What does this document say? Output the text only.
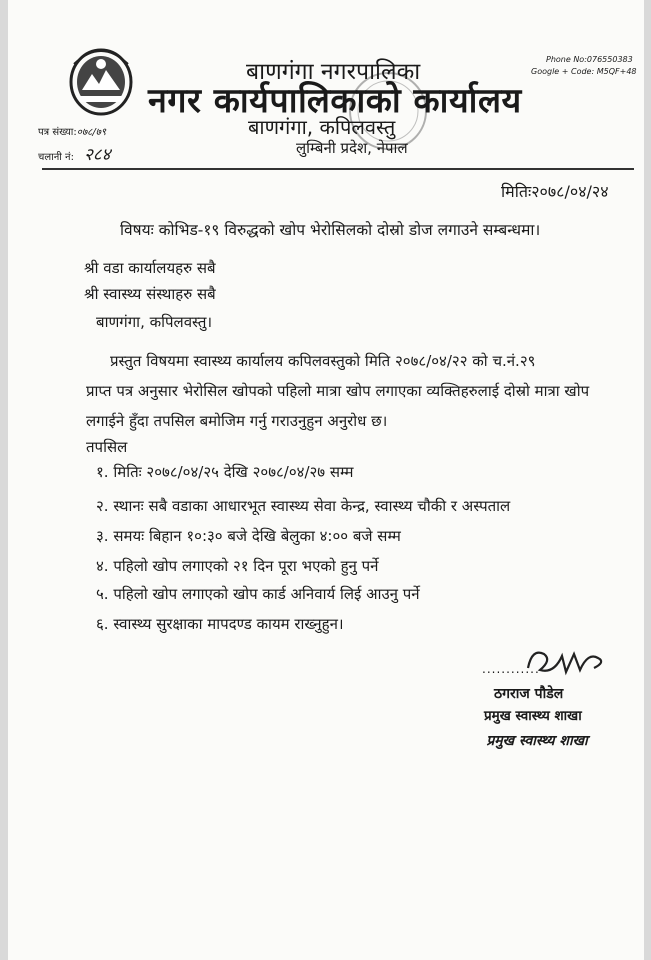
बाणगंगा नगरपालिका
नगर कार्यपालिकाको कार्यालय
बाणगंगा, कपिलवस्तु
लुम्बिनी प्रदेश, नेपाल
Phone No:076550383
Google + Code: M5QF+48
पत्र संख्या:०७८/७९
चलानी नं: २८४
मितिः२०७८/०४/२४
विषयः कोभिड-१९ विरुद्धको खोप भेरोसिलको दोस्रो डोज लगाउने सम्बन्धमा।
श्री वडा कार्यालयहरु सबै
श्री स्वास्थ्य संस्थाहरु सबै
बाणगंगा, कपिलवस्तु।

प्रस्तुत विषयमा स्वास्थ्य कार्यालय कपिलवस्तुको मिति २०७८/०४/२२ को च.नं.२९

प्राप्त पत्र अनुसार भेरोसिल खोपको पहिलो मात्रा खोप लगाएका व्यक्तिहरुलाई दोस्रो मात्रा खोप

लगाईने हुँदा तपसिल बमोजिम गर्नु गराउनुहुन अनुरोध छ।

तपसिल
१. मितिः २०७८/०४/२५ देखि २०७८/०४/२७ सम्म
२. स्थानः सबै वडाका आधारभूत स्वास्थ्य सेवा केन्द्र, स्वास्थ्य चौकी र अस्पताल
३. समयः बिहान १०:३० बजे देखि बेलुका ४:०० बजे सम्म
४. पहिलो खोप लगाएको २१ दिन पूरा भएको हुनु पर्ने
५. पहिलो खोप लगाएको खोप कार्ड अनिवार्य लिई आउनु पर्ने
६. स्वास्थ्य सुरक्षाका मापदण्ड कायम राख्नुहुन।
............
ठगराज पौडेल
प्रमुख स्वास्थ्य शाखा
प्रमुख स्वास्थ्य शाखा
